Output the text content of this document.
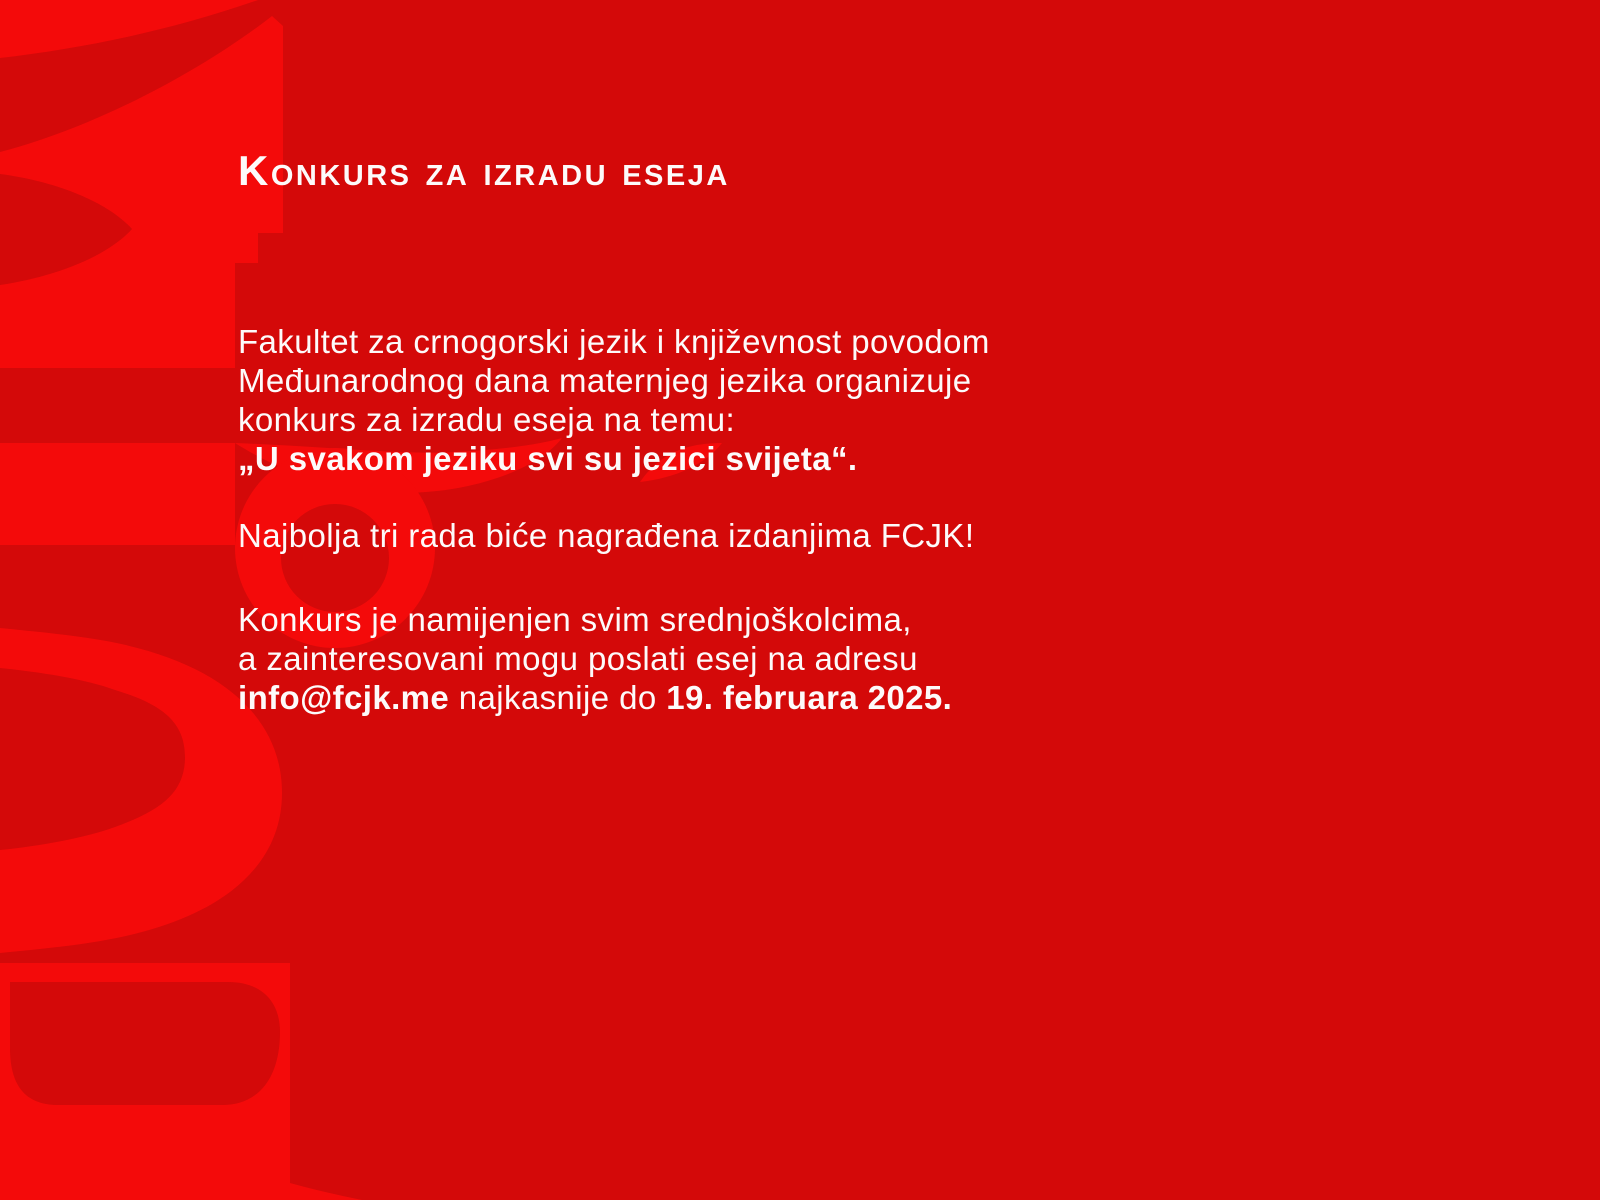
Konkurs za izradu eseja

Fakultet za crnogorski jezik i književnost povodom
Međunarodnog dana maternjeg jezika organizuje
konkurs za izradu eseja na temu:
„U svakom jeziku svi su jezici svijeta“.

Najbolja tri rada biće nagrađena izdanjima FCJK!

Konkurs je namijenjen svim srednjoškolcima,
a zainteresovani mogu poslati esej na adresu
info@fcjk.me najkasnije do 19. februara 2025.
